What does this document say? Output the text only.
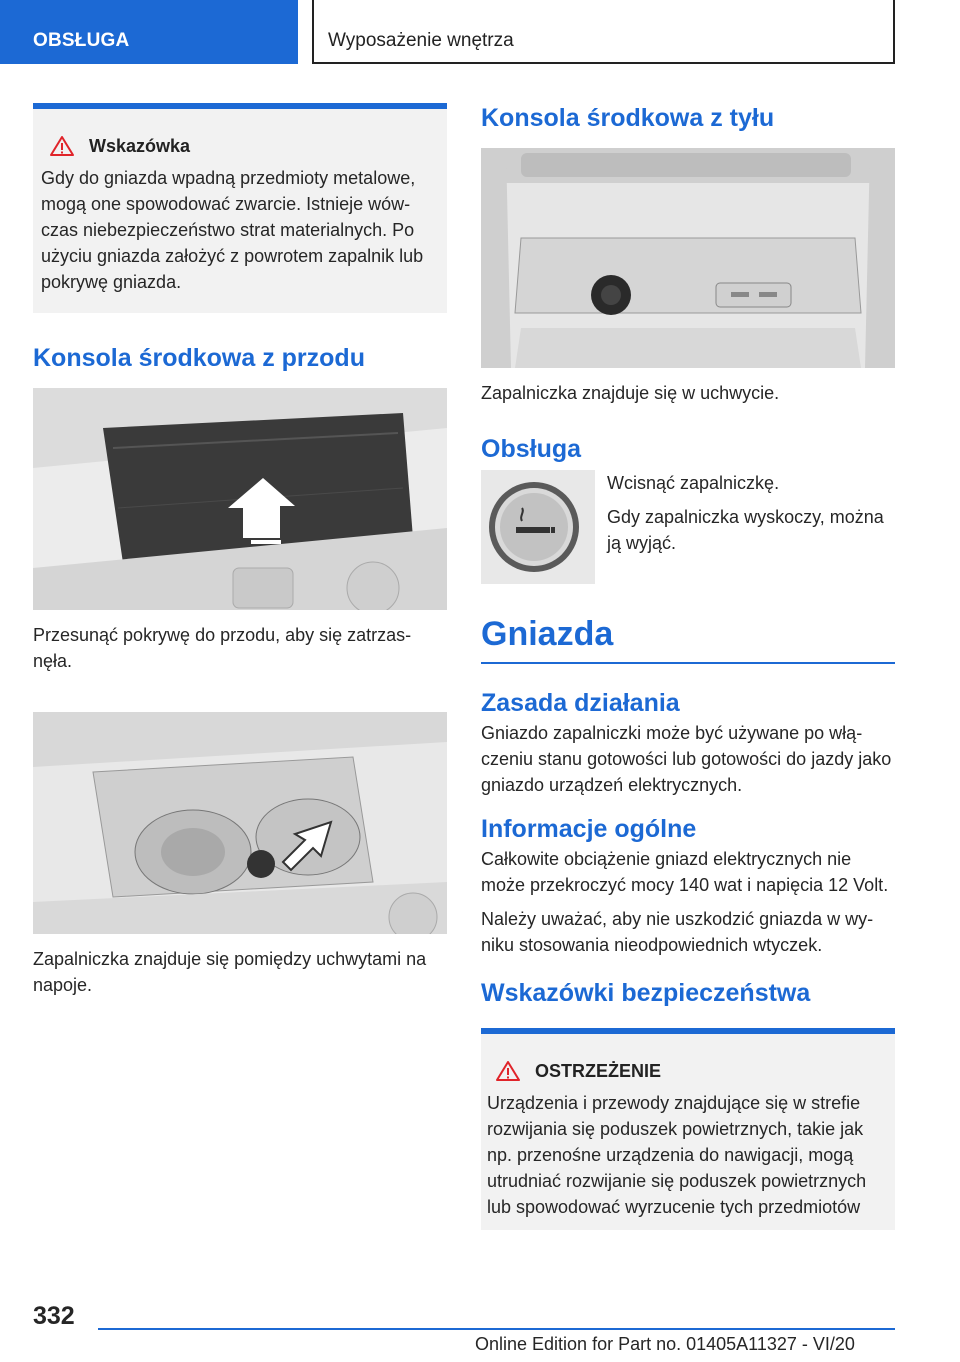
OBSŁUGA	Wyposażenie wnętrza
Wskazówka
Gdy do gniazda wpadną przedmioty metalowe, mogą one spowodować zwarcie. Istnieje wów- czas niebezpieczeństwo strat materialnych. Po użyciu gniazda założyć z powrotem zapalnik lub pokrywę gniazda.
Konsola środkowa z przodu
Przesunąć pokrywę do przodu, aby się zatrzas- nęła.
Zapalniczka znajduje się pomiędzy uchwytami na napoje.
Konsola środkowa z tyłu
Zapalniczka znajduje się w uchwycie.
Obsługa
Wcisnąć zapalniczkę.
Gdy zapalniczka wyskoczy, można ją wyjąć.
Gniazda
Zasada działania
Gniazdo zapalniczki może być używane po włą- czeniu stanu gotowości lub gotowości do jazdy jako gniazdo urządzeń elektrycznych.
Informacje ogólne
Całkowite obciążenie gniazd elektrycznych nie może przekroczyć mocy 140 wat i napięcia 12 Volt.
Należy uważać, aby nie uszkodzić gniazda w wy- niku stosowania nieodpowiednich wtyczek.
Wskazówki bezpieczeństwa
OSTRZEŻENIE
Urządzenia i przewody znajdujące się w strefie rozwijania się poduszek powietrznych, takie jak np. przenośne urządzenia do nawigacji, mogą utrudniać rozwijanie się poduszek powietrznych lub spowodować wyrzucenie tych przedmiotów
332
Online Edition for Part no. 01405A11327 - VI/20
